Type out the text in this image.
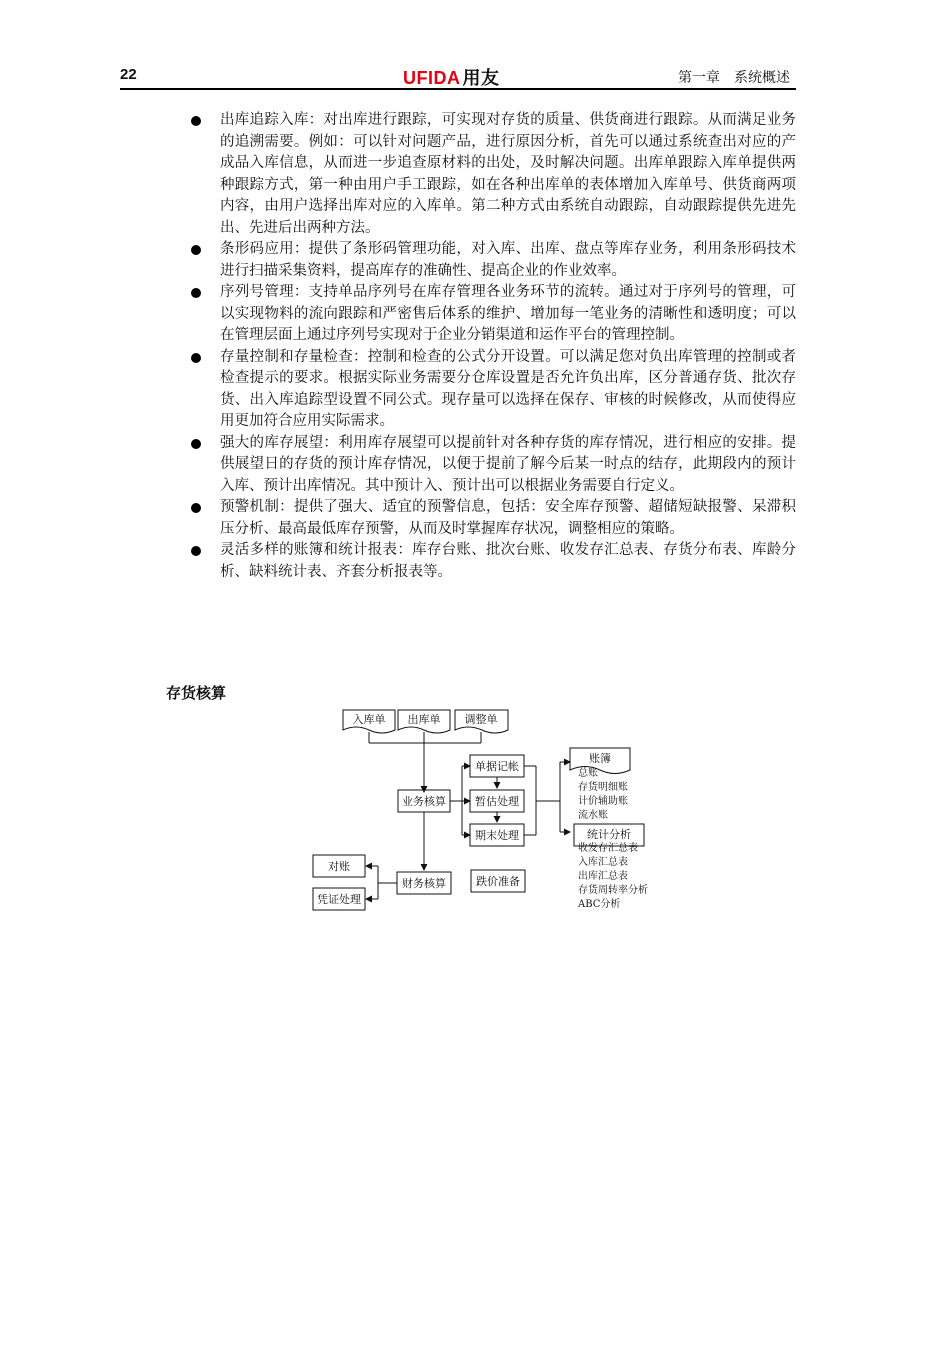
22	UFIDA 用友	第一章 系统概述
出库追踪入库：对出库进行跟踪，可实现对存货的质量、供货商进行跟踪。从而满足业务的追溯需要。例如：可以针对问题产品，进行原因分析，首先可以通过系统查出对应的产成品入库信息，从而进一步追查原材料的出处，及时解决问题。出库单跟踪入库单提供两种跟踪方式，第一种由用户手工跟踪，如在各种出库单的表体增加入库单号、供货商两项内容，由用户选择出库对应的入库单。第二种方式由系统自动跟踪，自动跟踪提供先进先出、先进后出两种方法。
条形码应用：提供了条形码管理功能，对入库、出库、盘点等库存业务，利用条形码技术进行扫描采集资料，提高库存的准确性、提高企业的作业效率。
序列号管理：支持单品序列号在库存管理各业务环节的流转。通过对于序列号的管理，可以实现物料的流向跟踪和严密售后体系的维护、增加每一笔业务的清晰性和透明度；可以在管理层面上通过序列号实现对于企业分销渠道和运作平台的管理控制。
存量控制和存量检查：控制和检查的公式分开设置。可以满足您对负出库管理的控制或者检查提示的要求。根据实际业务需要分仓库设置是否允许负出库，区分普通存货、批次存货、出入库追踪型设置不同公式。现存量可以选择在保存、审核的时候修改，从而使得应用更加符合应用实际需求。
强大的库存展望：利用库存展望可以提前针对各种存货的库存情况，进行相应的安排。提供展望日的存货的预计库存情况，以便于提前了解今后某一时点的结存，此期段内的预计入库、预计出库情况。其中预计入、预计出可以根据业务需要自行定义。
预警机制：提供了强大、适宜的预警信息，包括：安全库存预警、超储短缺报警、呆滞积压分析、最高最低库存预警，从而及时掌握库存状况，调整相应的策略。
灵活多样的账簿和统计报表：库存台账、批次台账、收发存汇总表、存货分布表、库龄分析、缺料统计表、齐套分析报表等。
存货核算
入库单 出库单 调整单
业务核算
单据记帐
暂估处理
期末处理
账簿
总账
存货明细账
计价辅助账
流水账
统计分析
收发存汇总表
入库汇总表
出库汇总表
存货周转率分析
ABC分析
财务核算
对账
凭证处理
跌价准备
